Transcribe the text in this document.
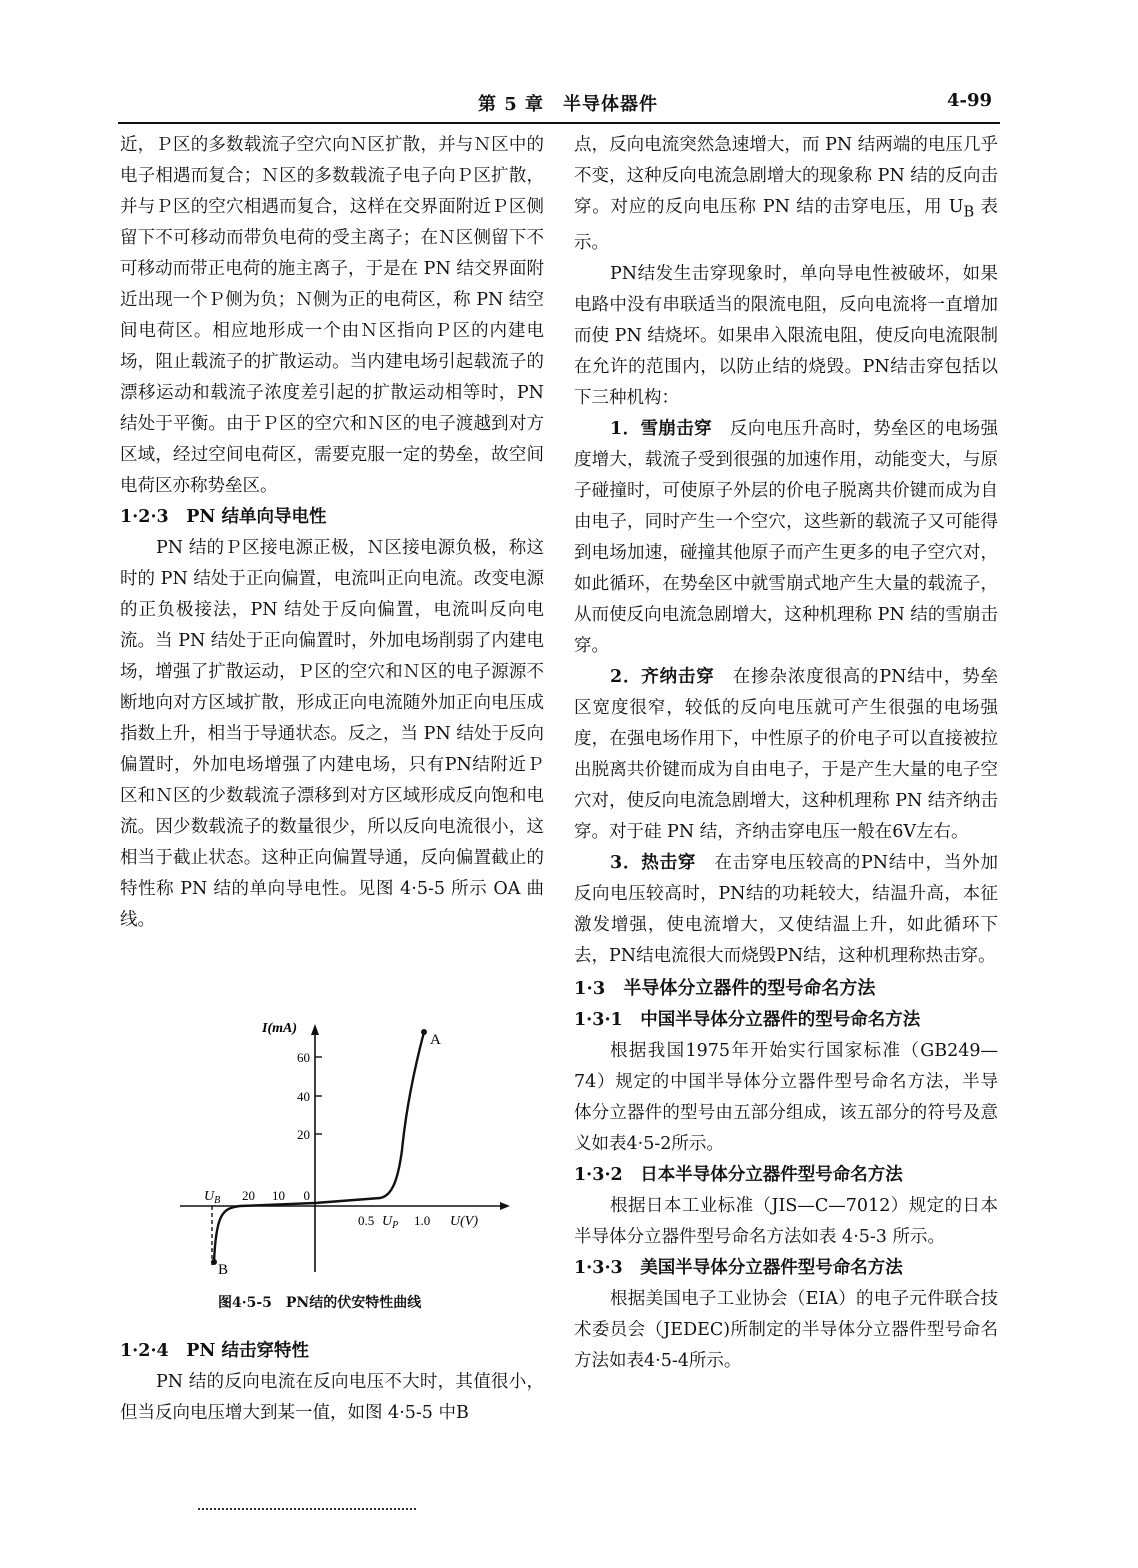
第 5 章　半导体器件	4-99

近，Ｐ区的多数载流子空穴向Ｎ区扩散，并与Ｎ区中的电子相遇而复合；Ｎ区的多数载流子电子向Ｐ区扩散，并与Ｐ区的空穴相遇而复合，这样在交界面附近Ｐ区侧留下不可移动而带负电荷的受主离子；在Ｎ区侧留下不可移动而带正电荷的施主离子，于是在 PN 结交界面附近出现一个Ｐ侧为负；Ｎ侧为正的电荷区，称 PN 结空间电荷区。相应地形成一个由Ｎ区指向Ｐ区的内建电场，阻止载流子的扩散运动。当内建电场引起载流子的漂移运动和载流子浓度差引起的扩散运动相等时，PN 结处于平衡。由于Ｐ区的空穴和Ｎ区的电子渡越到对方区域，经过空间电荷区，需要克服一定的势垒，故空间电荷区亦称势垒区。

1·2·3　PN 结单向导电性

PN 结的Ｐ区接电源正极，Ｎ区接电源负极，称这时的 PN 结处于正向偏置，电流叫正向电流。改变电源的正负极接法，PN 结处于反向偏置，电流叫反向电流。当 PN 结处于正向偏置时，外加电场削弱了内建电场，增强了扩散运动，Ｐ区的空穴和Ｎ区的电子源源不断地向对方区域扩散，形成正向电流随外加正向电压成指数上升，相当于导通状态。反之，当 PN 结处于反向偏置时，外加电场增强了内建电场，只有PN结附近Ｐ区和Ｎ区的少数载流子漂移到对方区域形成反向饱和电流。因少数载流子的数量很少，所以反向电流很小，这相当于截止状态。这种正向偏置导通，反向偏置截止的特性称 PN 结的单向导电性。见图 4·5-5 所示 OA 曲线。

60
40
20
0
I(mA)
$U_B$ 20 10
0.5 $U_P$ 1.0 U(V)
A
B
图4·5-5　PN结的伏安特性曲线
1·2·4　PN 结击穿特性

PN 结的反向电流在反向电压不大时，其值很小，但当反向电压增大到某一值，如图 4·5-5 中B

点，反向电流突然急速增大，而 PN 结两端的电压几乎不变，这种反向电流急剧增大的现象称 PN 结的反向击穿。对应的反向电压称 PN 结的击穿电压，用 $U_B$ 表示。

PN结发生击穿现象时，单向导电性被破坏，如果电路中没有串联适当的限流电阻，反向电流将一直增加而使 PN 结烧坏。如果串入限流电阻，使反向电流限制在允许的范围内，以防止结的烧毁。PN结击穿包括以下三种机构：

1．雪崩击穿　反向电压升高时，势垒区的电场强度增大，载流子受到很强的加速作用，动能变大，与原子碰撞时，可使原子外层的价电子脱离共价键而成为自由电子，同时产生一个空穴，这些新的载流子又可能得到电场加速，碰撞其他原子而产生更多的电子空穴对，如此循环，在势垒区中就雪崩式地产生大量的载流子，从而使反向电流急剧增大，这种机理称 PN 结的雪崩击穿。

2．齐纳击穿　在掺杂浓度很高的PN结中，势垒区宽度很窄，较低的反向电压就可产生很强的电场强度，在强电场作用下，中性原子的价电子可以直接被拉出脱离共价键而成为自由电子，于是产生大量的电子空穴对，使反向电流急剧增大，这种机理称 PN 结齐纳击穿。对于硅 PN 结，齐纳击穿电压一般在6V左右。

3．热击穿　在击穿电压较高的PN结中，当外加反向电压较高时，PN结的功耗较大，结温升高，本征激发增强，使电流增大，又使结温上升，如此循环下去，PN结电流很大而烧毁PN结，这种机理称热击穿。

1·3　半导体分立器件的型号命名方法
1·3·1　中国半导体分立器件的型号命名方法

根据我国1975年开始实行国家标准（GB249—74）规定的中国半导体分立器件型号命名方法，半导体分立器件的型号由五部分组成，该五部分的符号及意义如表4·5-2所示。

1·3·2　日本半导体分立器件型号命名方法

根据日本工业标准（JIS—C—7012）规定的日本半导体分立器件型号命名方法如表 4·5-3 所示。

1·3·3　美国半导体分立器件型号命名方法

根据美国电子工业协会（EIA）的电子元件联合技术委员会（JEDEC)所制定的半导体分立器件型号命名方法如表4·5-4所示。
